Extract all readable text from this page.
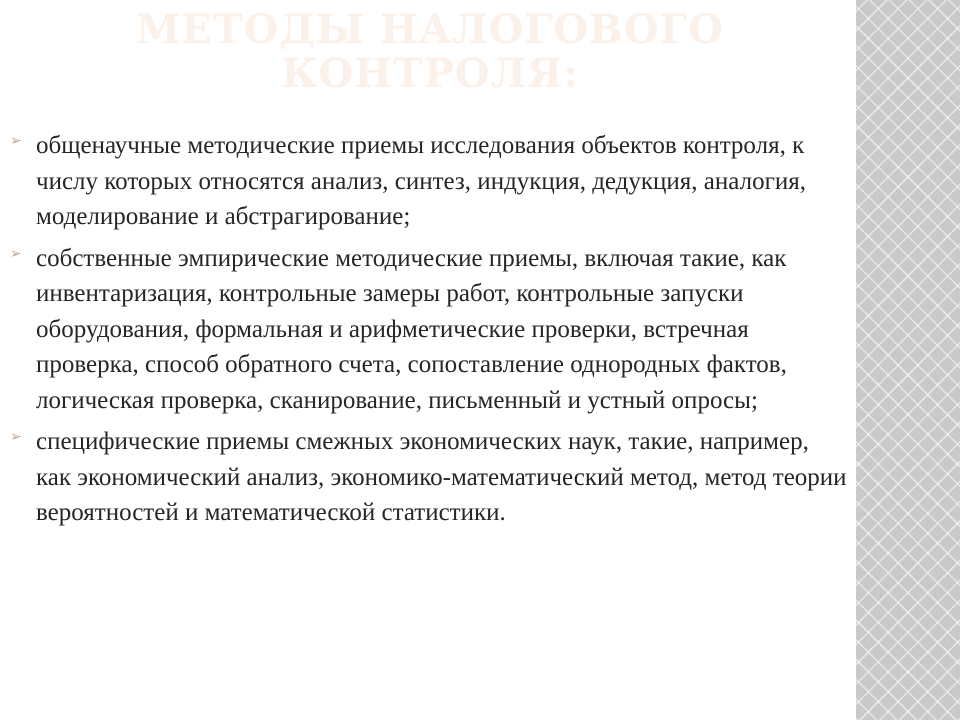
МЕТОДЫ НАЛОГОВОГО
КОНТРОЛЯ:
➢ общенаучные методические приемы исследования объектов контроля, к числу которых относятся анализ, синтез, индукция, дедукция, аналогия, моделирование и абстрагирование;
➢ собственные эмпирические методические приемы, включая такие, как инвентаризация, контрольные замеры работ, контрольные запуски оборудования, формальная и арифметические проверки, встречная проверка, способ обратного счета, сопоставление однородных фактов, логическая проверка, сканирование, письменный и устный опросы;
➢ специфические приемы смежных экономических наук, такие, например, как экономический анализ, экономико-математический метод, метод теории вероятностей и математической статистики.
